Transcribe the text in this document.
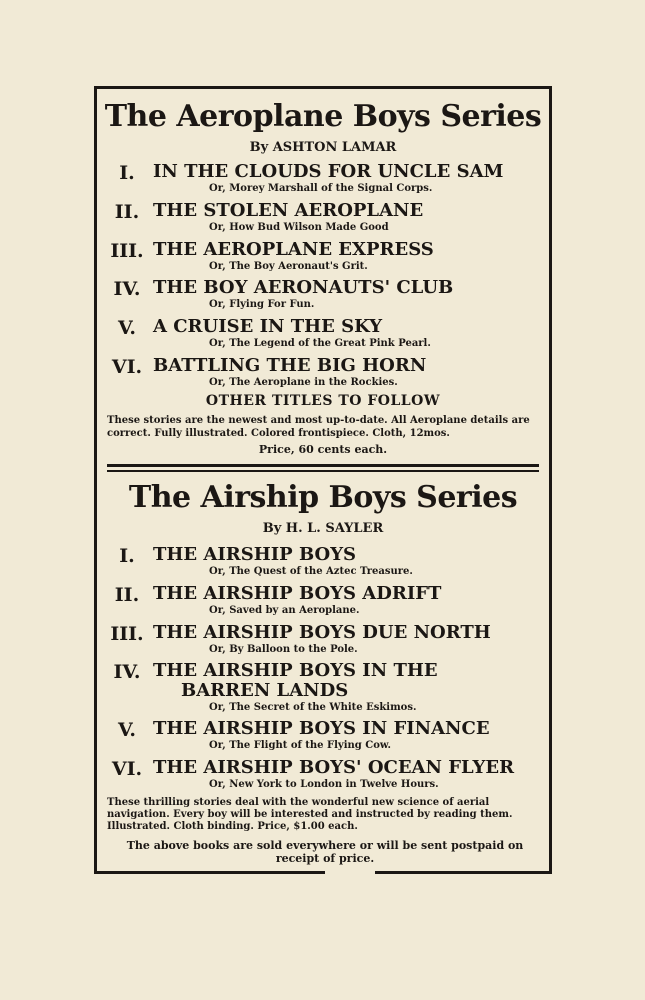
The Aeroplane Boys Series
By ASHTON LAMAR
I.	IN THE CLOUDS FOR UNCLE SAM
Or, Morey Marshall of the Signal Corps.
II. THE STOLEN AEROPLANE
Or, How Bud Wilson Made Good
III. THE AEROPLANE EXPRESS
Or, The Boy Aeronaut's Grit.
IV. THE BOY AERONAUTS' CLUB
Or, Flying For Fun.
V. A CRUISE IN THE SKY
Or, The Legend of the Great Pink Pearl.
VI. BATTLING THE BIG HORN
Or, The Aeroplane in the Rockies.
OTHER TITLES TO FOLLOW
These stories are the newest and most up-to-date. All Aeroplane details are correct. Fully illustrated. Colored frontispiece. Cloth, 12mos.
Price, 60 cents each.
The Airship Boys Series
By H. L. SAYLER
I.	THE AIRSHIP BOYS
Or, The Quest of the Aztec Treasure.
II. THE AIRSHIP BOYS ADRIFT
Or, Saved by an Aeroplane.
III. THE AIRSHIP BOYS DUE NORTH
Or, By Balloon to the Pole.
IV. THE AIRSHIP BOYS IN THE
BARREN LANDS
Or, The Secret of the White Eskimos.
V. THE AIRSHIP BOYS IN FINANCE
Or, The Flight of the Flying Cow.
VI. THE AIRSHIP BOYS' OCEAN FLYER
Or, New York to London in Twelve Hours.
These thrilling stories deal with the wonderful new science of aerial navigation. Every boy will be interested and instructed by reading them. Illustrated. Cloth binding. Price, $1.00 each.
The above books are sold everywhere or will be sent postpaid on receipt of price.
